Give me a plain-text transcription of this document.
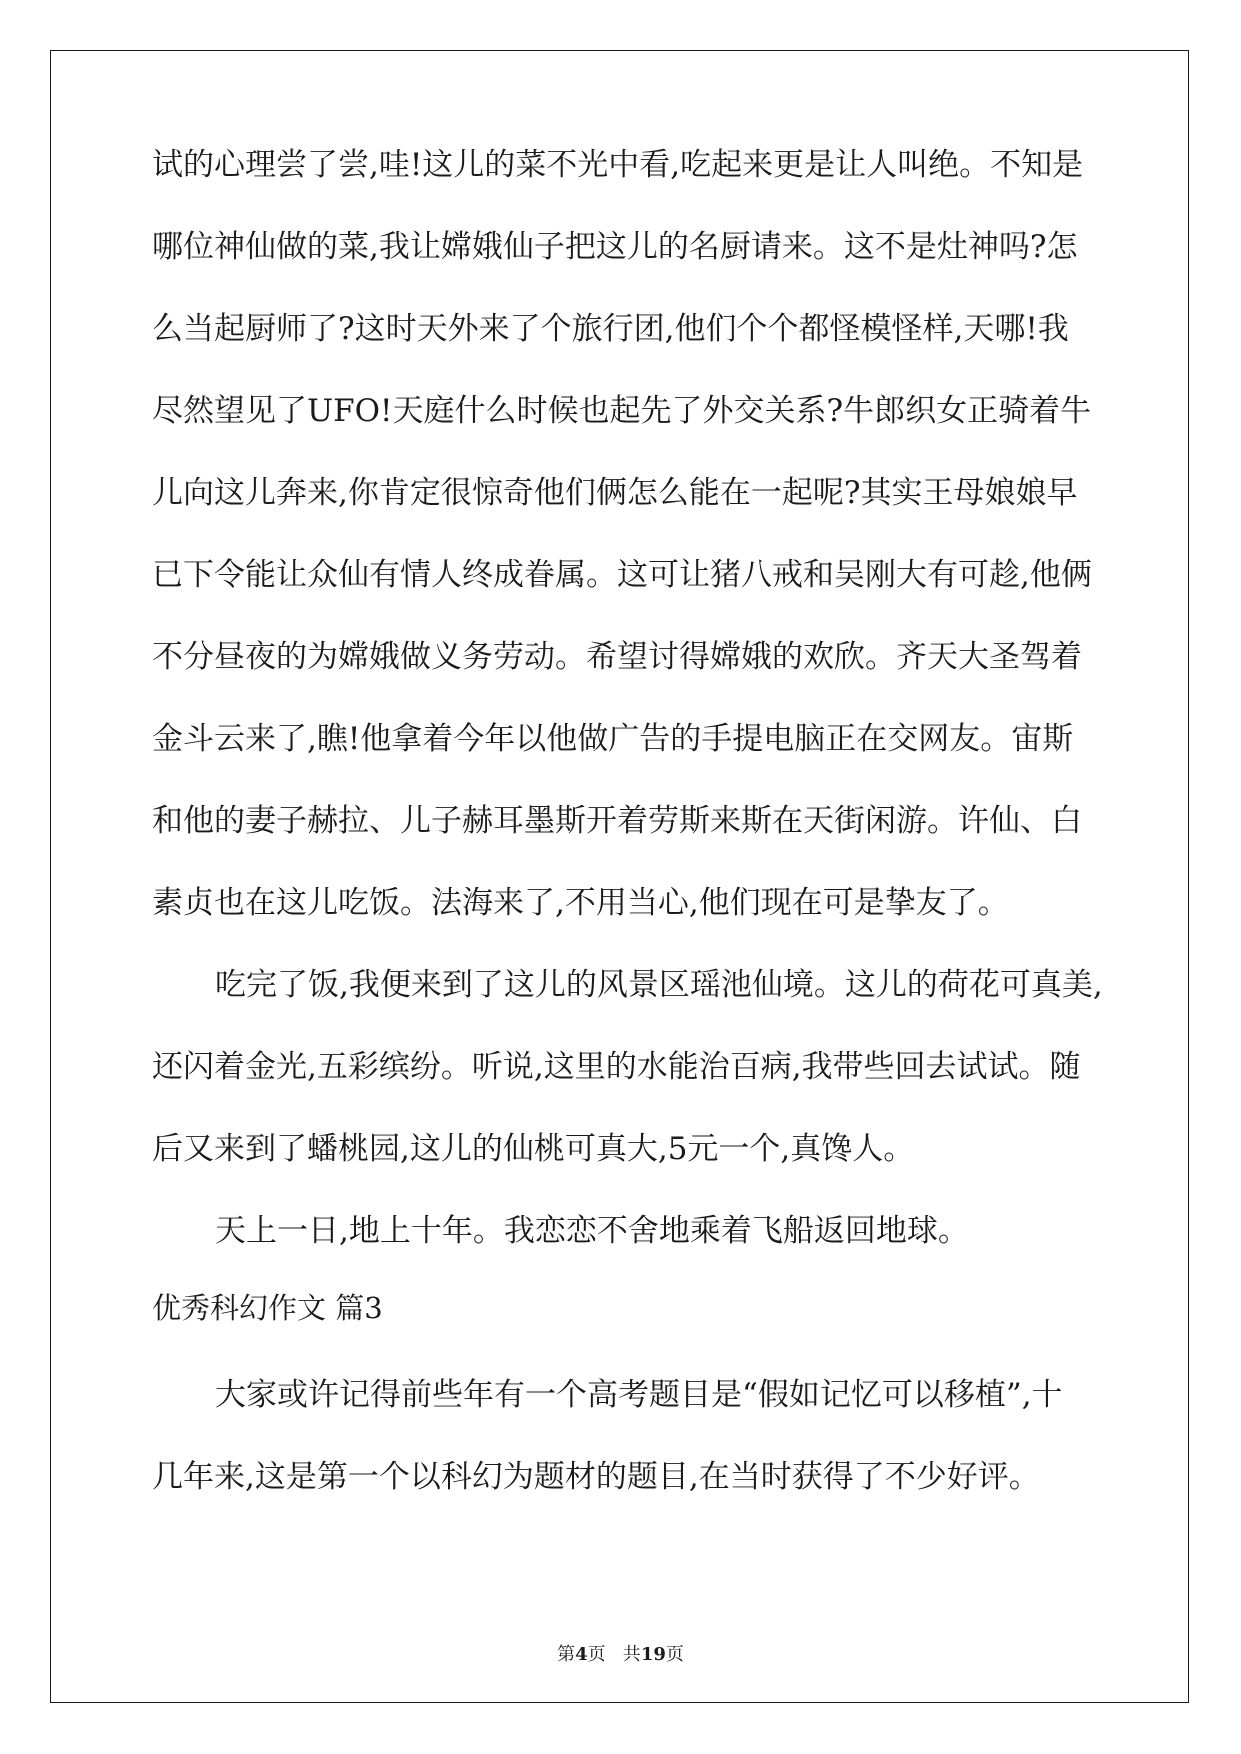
试的心理尝了尝,哇!这儿的菜不光中看,吃起来更是让人叫绝。不知是

哪位神仙做的菜,我让嫦娥仙子把这儿的名厨请来。这不是灶神吗?怎

么当起厨师了?这时天外来了个旅行团,他们个个都怪模怪样,天哪!我

尽然望见了UFO!天庭什么时候也起先了外交关系?牛郎织女正骑着牛

儿向这儿奔来,你肯定很惊奇他们俩怎么能在一起呢?其实王母娘娘早

已下令能让众仙有情人终成眷属。这可让猪八戒和吴刚大有可趁,他俩

不分昼夜的为嫦娥做义务劳动。希望讨得嫦娥的欢欣。齐天大圣驾着

金斗云来了,瞧!他拿着今年以他做广告的手提电脑正在交网友。宙斯

和他的妻子赫拉、儿子赫耳墨斯开着劳斯来斯在天街闲游。许仙、白

素贞也在这儿吃饭。法海来了,不用当心,他们现在可是挚友了。

吃完了饭,我便来到了这儿的风景区瑶池仙境。这儿的荷花可真美,

还闪着金光,五彩缤纷。听说,这里的水能治百病,我带些回去试试。随

后又来到了蟠桃园,这儿的仙桃可真大,5元一个,真馋人。

天上一日,地上十年。我恋恋不舍地乘着飞船返回地球。

优秀科幻作文 篇3

大家或许记得前些年有一个高考题目是“假如记忆可以移植”,十

几年来,这是第一个以科幻为题材的题目,在当时获得了不少好评。

第4页   共19页
